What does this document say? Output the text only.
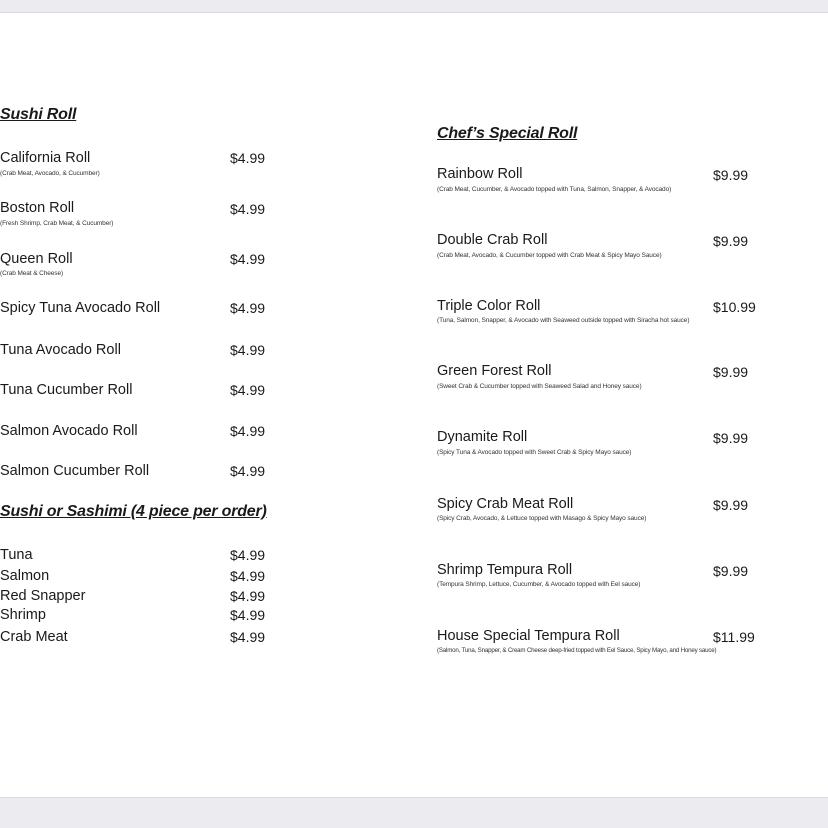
Sushi Roll
California Roll
(Crab Meat, Avocado, & Cucumber)
$4.99
Boston Roll
(Fresh Shrimp, Crab Meat, & Cucumber)
$4.99
Queen Roll
(Crab Meat & Cheese)
$4.99
Spicy Tuna Avocado Roll	$4.99
Tuna Avocado Roll	$4.99
Tuna Cucumber Roll	$4.99
Salmon Avocado Roll	$4.99
Salmon Cucumber Roll	$4.99
Sushi or Sashimi (4 piece per order)
Tuna	$4.99
Salmon	$4.99
Red Snapper	$4.99
Shrimp	$4.99
Crab Meat	$4.99
Chef’s Special Roll
Rainbow Roll
(Crab Meat, Cucumber, & Avocado topped with Tuna, Salmon, Snapper, & Avocado)
$9.99
Double Crab Roll
(Crab Meat, Avocado, & Cucumber topped with Crab Meat & Spicy Mayo Sauce)
$9.99
Triple Color Roll
(Tuna, Salmon, Snapper, & Avocado with Seaweed outside topped with Siracha hot sauce)
$10.99
Green Forest Roll
(Sweet Crab & Cucumber topped with Seaweed Salad and Honey sauce)
$9.99
Dynamite Roll
(Spicy Tuna & Avocado topped with Sweet Crab & Spicy Mayo sauce)
$9.99
Spicy Crab Meat Roll
(Spicy Crab, Avocado, & Lettuce topped with Masago & Spicy Mayo sauce)
$9.99
Shrimp Tempura Roll
(Tempura Shrimp, Lettuce, Cucumber, & Avocado topped with Eel sauce)
$9.99
House Special Tempura Roll
(Salmon, Tuna, Snapper, & Cream Cheese deep-fried topped with Eel Sauce, Spicy Mayo, and Honey sauce)
$11.99
